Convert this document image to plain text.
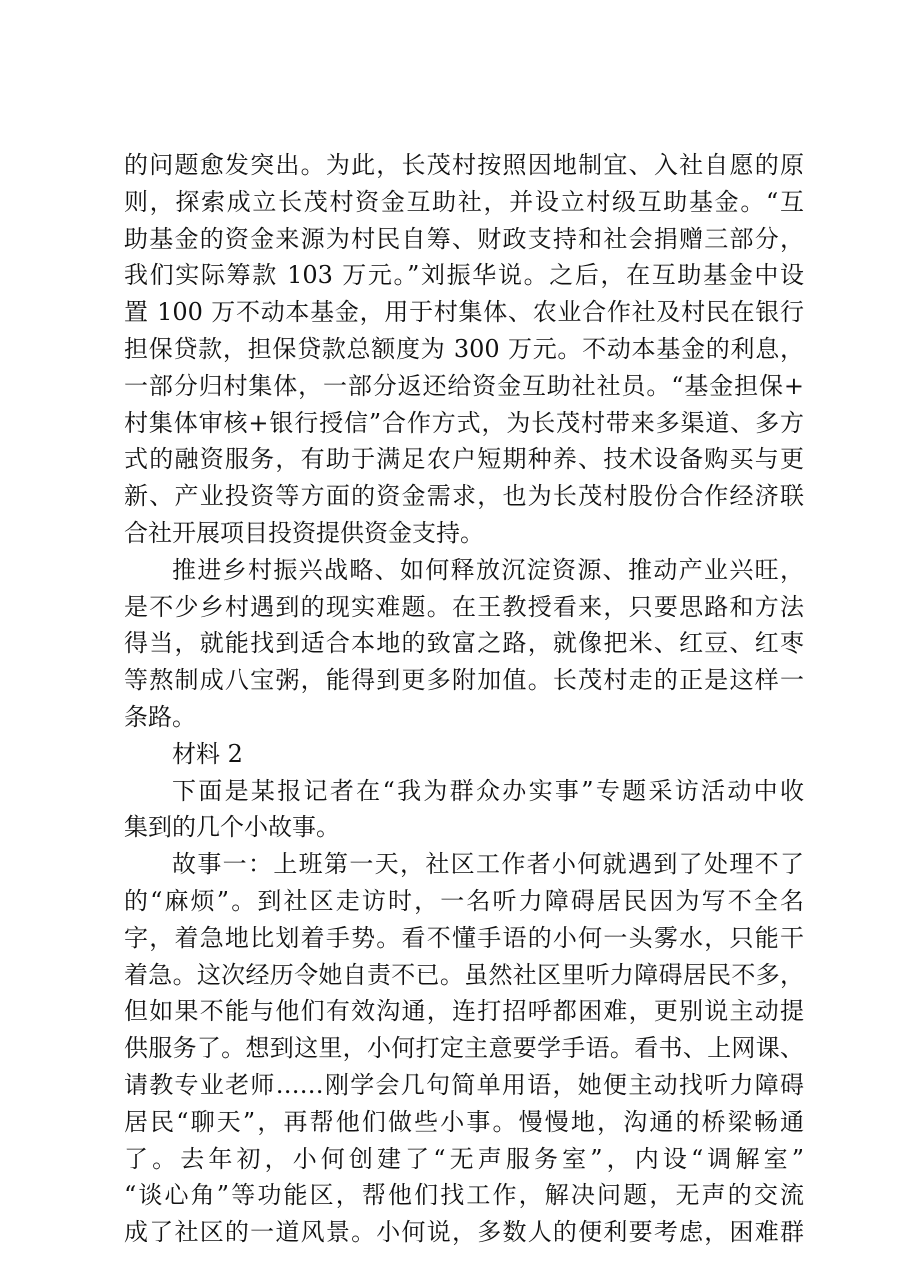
的问题愈发突出。为此，长茂村按照因地制宜、入社自愿的原
则，探索成立长茂村资金互助社，并设立村级互助基金。“互
助基金的资金来源为村民自筹、财政支持和社会捐赠三部分，
我们实际筹款 103 万元。”刘振华说。之后，在互助基金中设
置 100 万不动本基金，用于村集体、农业合作社及村民在银行
担保贷款，担保贷款总额度为 300 万元。不动本基金的利息，
一部分归村集体，一部分返还给资金互助社社员。“基金担保+
村集体审核+银行授信”合作方式，为长茂村带来多渠道、多方
式的融资服务，有助于满足农户短期种养、技术设备购买与更
新、产业投资等方面的资金需求，也为长茂村股份合作经济联
合社开展项目投资提供资金支持。
推进乡村振兴战略、如何释放沉淀资源、推动产业兴旺，
是不少乡村遇到的现实难题。在王教授看来，只要思路和方法
得当，就能找到适合本地的致富之路，就像把米、红豆、红枣
等熬制成八宝粥，能得到更多附加值。长茂村走的正是这样一
条路。
材料 2
下面是某报记者在“我为群众办实事”专题采访活动中收
集到的几个小故事。
故事一：上班第一天，社区工作者小何就遇到了处理不了
的“麻烦”。到社区走访时，一名听力障碍居民因为写不全名
字，着急地比划着手势。看不懂手语的小何一头雾水，只能干
着急。这次经历令她自责不已。虽然社区里听力障碍居民不多，
但如果不能与他们有效沟通，连打招呼都困难，更别说主动提
供服务了。想到这里，小何打定主意要学手语。看书、上网课、
请教专业老师……刚学会几句简单用语，她便主动找听力障碍
居民“聊天”，再帮他们做些小事。慢慢地，沟通的桥梁畅通
了。去年初，小何创建了“无声服务室”，内设“调解室”
“谈心角”等功能区，帮他们找工作，解决问题，无声的交流
成了社区的一道风景。小何说，多数人的便利要考虑，困难群
